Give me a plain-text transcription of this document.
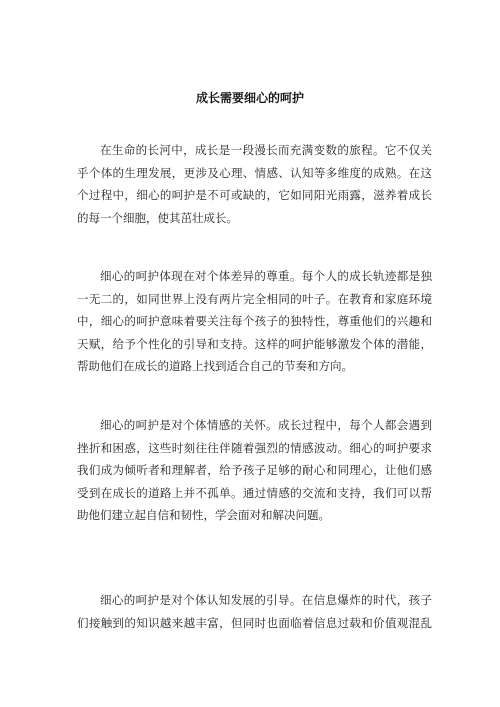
成长需要细心的呵护

在生命的长河中，成长是一段漫长而充满变数的旅程。它不仅关
乎个体的生理发展，更涉及心理、情感、认知等多维度的成熟。在这
个过程中，细心的呵护是不可或缺的，它如同阳光雨露，滋养着成长
的每一个细胞，使其茁壮成长。

细心的呵护体现在对个体差异的尊重。每个人的成长轨迹都是独
一无二的，如同世界上没有两片完全相同的叶子。在教育和家庭环境
中，细心的呵护意味着要关注每个孩子的独特性，尊重他们的兴趣和
天赋，给予个性化的引导和支持。这样的呵护能够激发个体的潜能，
帮助他们在成长的道路上找到适合自己的节奏和方向。

细心的呵护是对个体情感的关怀。成长过程中，每个人都会遇到
挫折和困惑，这些时刻往往伴随着强烈的情感波动。细心的呵护要求
我们成为倾听者和理解者，给予孩子足够的耐心和同理心，让他们感
受到在成长的道路上并不孤单。通过情感的交流和支持，我们可以帮
助他们建立起自信和韧性，学会面对和解决问题。

细心的呵护是对个体认知发展的引导。在信息爆炸的时代，孩子
们接触到的知识越来越丰富，但同时也面临着信息过载和价值观混乱
